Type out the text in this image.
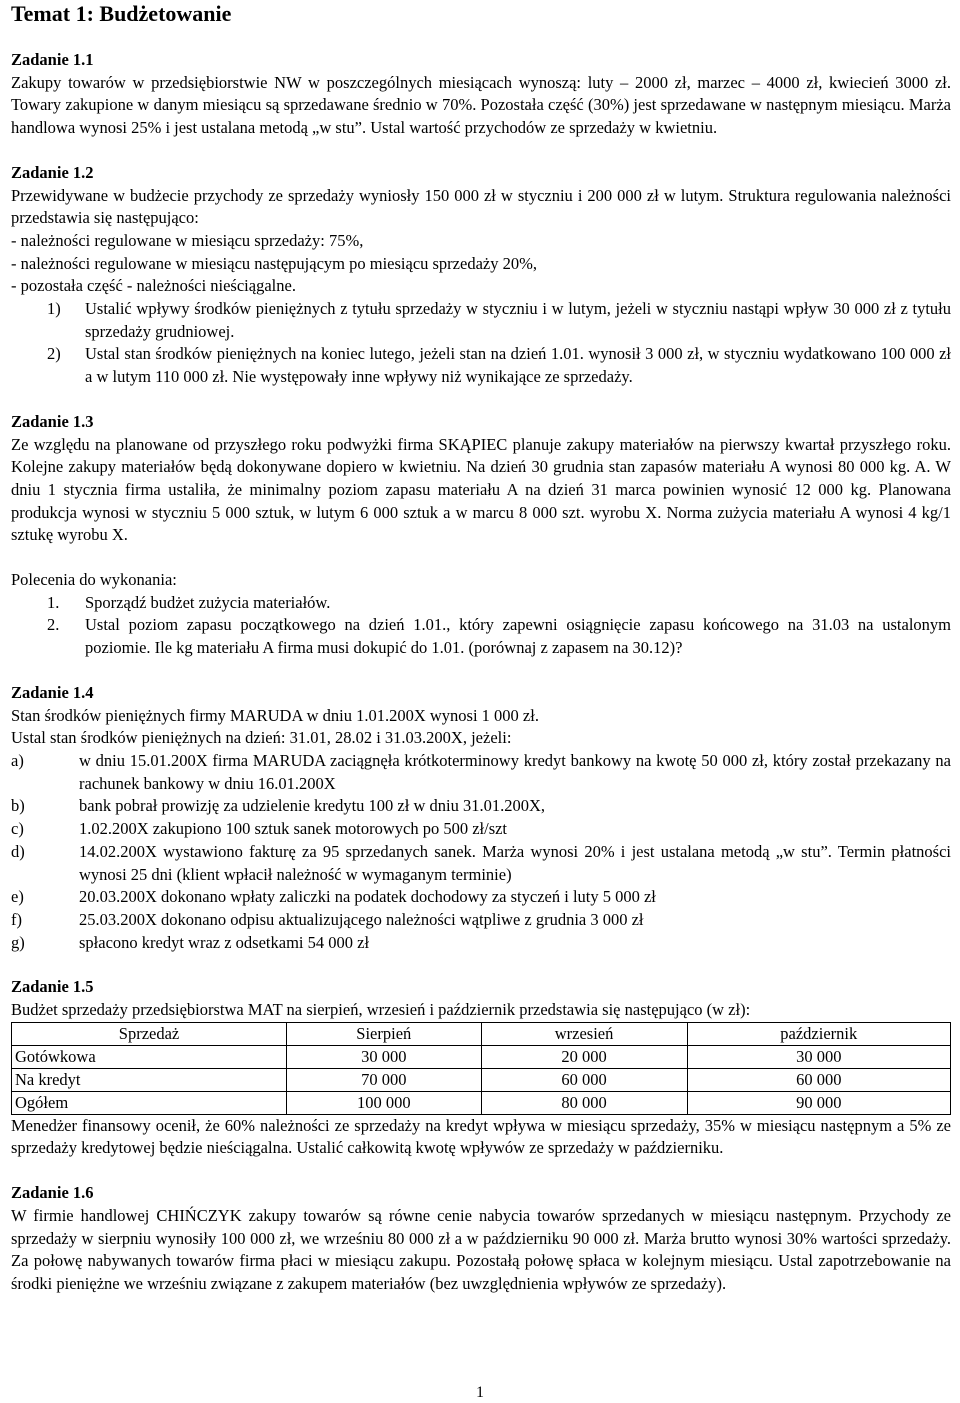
Temat 1: Budżetowanie

Zadanie 1.1

Zakupy towarów w przedsiębiorstwie NW w poszczególnych miesiącach wynoszą: luty – 2000 zł, marzec – 4000 zł, kwiecień 3000 zł. Towary zakupione w danym miesiącu są sprzedawane średnio w 70%. Pozostała część (30%) jest sprzedawane w następnym miesiącu. Marża handlowa wynosi 25% i jest ustalana metodą „w stu”. Ustal wartość przychodów ze sprzedaży w kwietniu.

Zadanie 1.2

Przewidywane w budżecie przychody ze sprzedaży wyniosły 150 000 zł w styczniu i 200 000 zł w lutym. Struktura regulowania należności przedstawia się następująco:

- należności regulowane w miesiącu sprzedaży: 75%,

- należności regulowane w miesiącu następującym po miesiącu sprzedaży 20%,

- pozostała część - należności nieściągalne.

1)	Ustalić wpływy środków pieniężnych z tytułu sprzedaży w styczniu i w lutym, jeżeli w styczniu nastąpi wpływ 30 000 zł z tytułu sprzedaży grudniowej.
2)	Ustal stan środków pieniężnych na koniec lutego, jeżeli stan na dzień 1.01. wynosił 3 000 zł, w styczniu wydatkowano 100 000 zł a w lutym 110 000 zł. Nie występowały inne wpływy niż wynikające ze sprzedaży.

Zadanie 1.3

Ze względu na planowane od przyszłego roku podwyżki firma SKĄPIEC planuje zakupy materiałów na pierwszy kwartał przyszłego roku. Kolejne zakupy materiałów będą dokonywane dopiero w kwietniu. Na dzień 30 grudnia stan zapasów materiału A wynosi 80 000 kg. A. W dniu 1 stycznia firma ustaliła, że minimalny poziom zapasu materiału A na dzień 31 marca powinien wynosić 12 000 kg. Planowana produkcja wynosi w styczniu 5 000 sztuk, w lutym 6 000 sztuk a w marcu 8 000 szt. wyrobu X. Norma zużycia materiału A wynosi 4 kg/1 sztukę wyrobu X.

Polecenia do wykonania:

1.	Sporządź budżet zużycia materiałów.
2.	Ustal poziom zapasu początkowego na dzień 1.01., który zapewni osiągnięcie zapasu końcowego na 31.03 na ustalonym poziomie. Ile kg materiału A firma musi dokupić do 1.01. (porównaj z zapasem na 30.12)?

Zadanie 1.4

Stan środków pieniężnych firmy MARUDA w dniu 1.01.200X wynosi 1 000 zł.

Ustal stan środków pieniężnych na dzień: 31.01, 28.02 i 31.03.200X, jeżeli:

a)	w dniu 15.01.200X firma MARUDA zaciągnęła krótkoterminowy kredyt bankowy na kwotę 50 000 zł, który został przekazany na rachunek bankowy w dniu 16.01.200X
b)	bank pobrał prowizję za udzielenie kredytu 100 zł w dniu 31.01.200X,
c)	1.02.200X zakupiono 100 sztuk sanek motorowych po 500 zł/szt
d)	14.02.200X wystawiono fakturę za 95 sprzedanych sanek. Marża wynosi 20% i jest ustalana metodą „w stu”. Termin płatności wynosi 25 dni (klient wpłacił należność w wymaganym terminie)
e)	20.03.200X dokonano wpłaty zaliczki na podatek dochodowy za styczeń i luty 5 000 zł
f)	25.03.200X dokonano odpisu aktualizującego należności wątpliwe z grudnia 3 000 zł
g)	spłacono kredyt wraz z odsetkami 54 000 zł

Zadanie 1.5

Budżet sprzedaży przedsiębiorstwa MAT na sierpień, wrzesień i październik przedstawia się następująco (w zł):

Sprzedaż	Sierpień	wrzesień	październik
Gotówkowa	30 000	20 000	30 000
Na kredyt	70 000	60 000	60 000
Ogółem	100 000	80 000	90 000

Menedżer finansowy ocenił, że 60% należności ze sprzedaży na kredyt wpływa w miesiącu sprzedaży, 35% w miesiącu następnym a 5% ze sprzedaży kredytowej będzie nieściągalna. Ustalić całkowitą kwotę wpływów ze sprzedaży w październiku.

Zadanie 1.6

W firmie handlowej CHIŃCZYK zakupy towarów są równe cenie nabycia towarów sprzedanych w miesiącu następnym. Przychody ze sprzedaży w sierpniu wynosiły 100 000 zł, we wrześniu 80 000 zł a w październiku 90 000 zł. Marża brutto wynosi 30% wartości sprzedaży. Za połowę nabywanych towarów firma płaci w miesiącu zakupu. Pozostałą połowę spłaca w kolejnym miesiącu. Ustal zapotrzebowanie na środki pieniężne we wrześniu związane z zakupem materiałów (bez uwzględnienia wpływów ze sprzedaży).

1
